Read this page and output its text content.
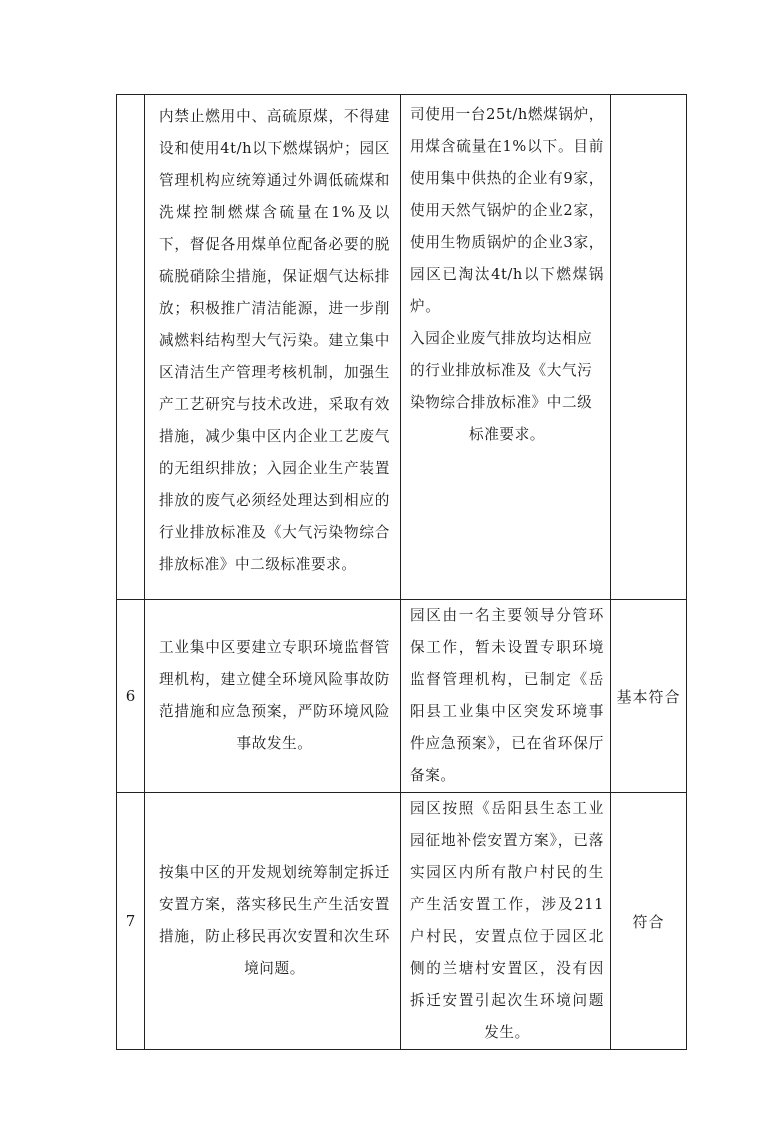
	内禁止燃用中、高硫原煤，不得建设和使用4t/h以下燃煤锅炉；园区管理机构应统筹通过外调低硫煤和洗煤控制燃煤含硫量在1%及以下，督促各用煤单位配备必要的脱硫脱硝除尘措施，保证烟气达标排放；积极推广清洁能源，进一步削减燃料结构型大气污染。建立集中区清洁生产管理考核机制，加强生产工艺研究与技术改进，采取有效措施，减少集中区内企业工艺废气的无组织排放；入园企业生产装置排放的废气必须经处理达到相应的行业排放标准及《大气污染物综合排放标准》中二级标准要求。	司使用一台25t/h燃煤锅炉，用煤含硫量在1%以下。目前使用集中供热的企业有9家，使用天然气锅炉的企业2家，使用生物质锅炉的企业3家，园区已淘汰4t/h以下燃煤锅炉。
入园企业废气排放均达相应的行业排放标准及《大气污染物综合排放标准》中二级标准要求。	

6	工业集中区要建立专职环境监督管理机构，建立健全环境风险事故防范措施和应急预案，严防环境风险事故发生。	园区由一名主要领导分管环保工作，暂未设置专职环境监督管理机构，已制定《岳阳县工业集中区突发环境事件应急预案》，已在省环保厅备案。	基本符合
7	按集中区的开发规划统筹制定拆迁安置方案，落实移民生产生活安置措施，防止移民再次安置和次生环境问题。	园区按照《岳阳县生态工业园征地补偿安置方案》，已落实园区内所有散户村民的生产生活安置工作，涉及211户村民，安置点位于园区北侧的兰塘村安置区，没有因拆迁安置引起次生环境问题发生。	符合
